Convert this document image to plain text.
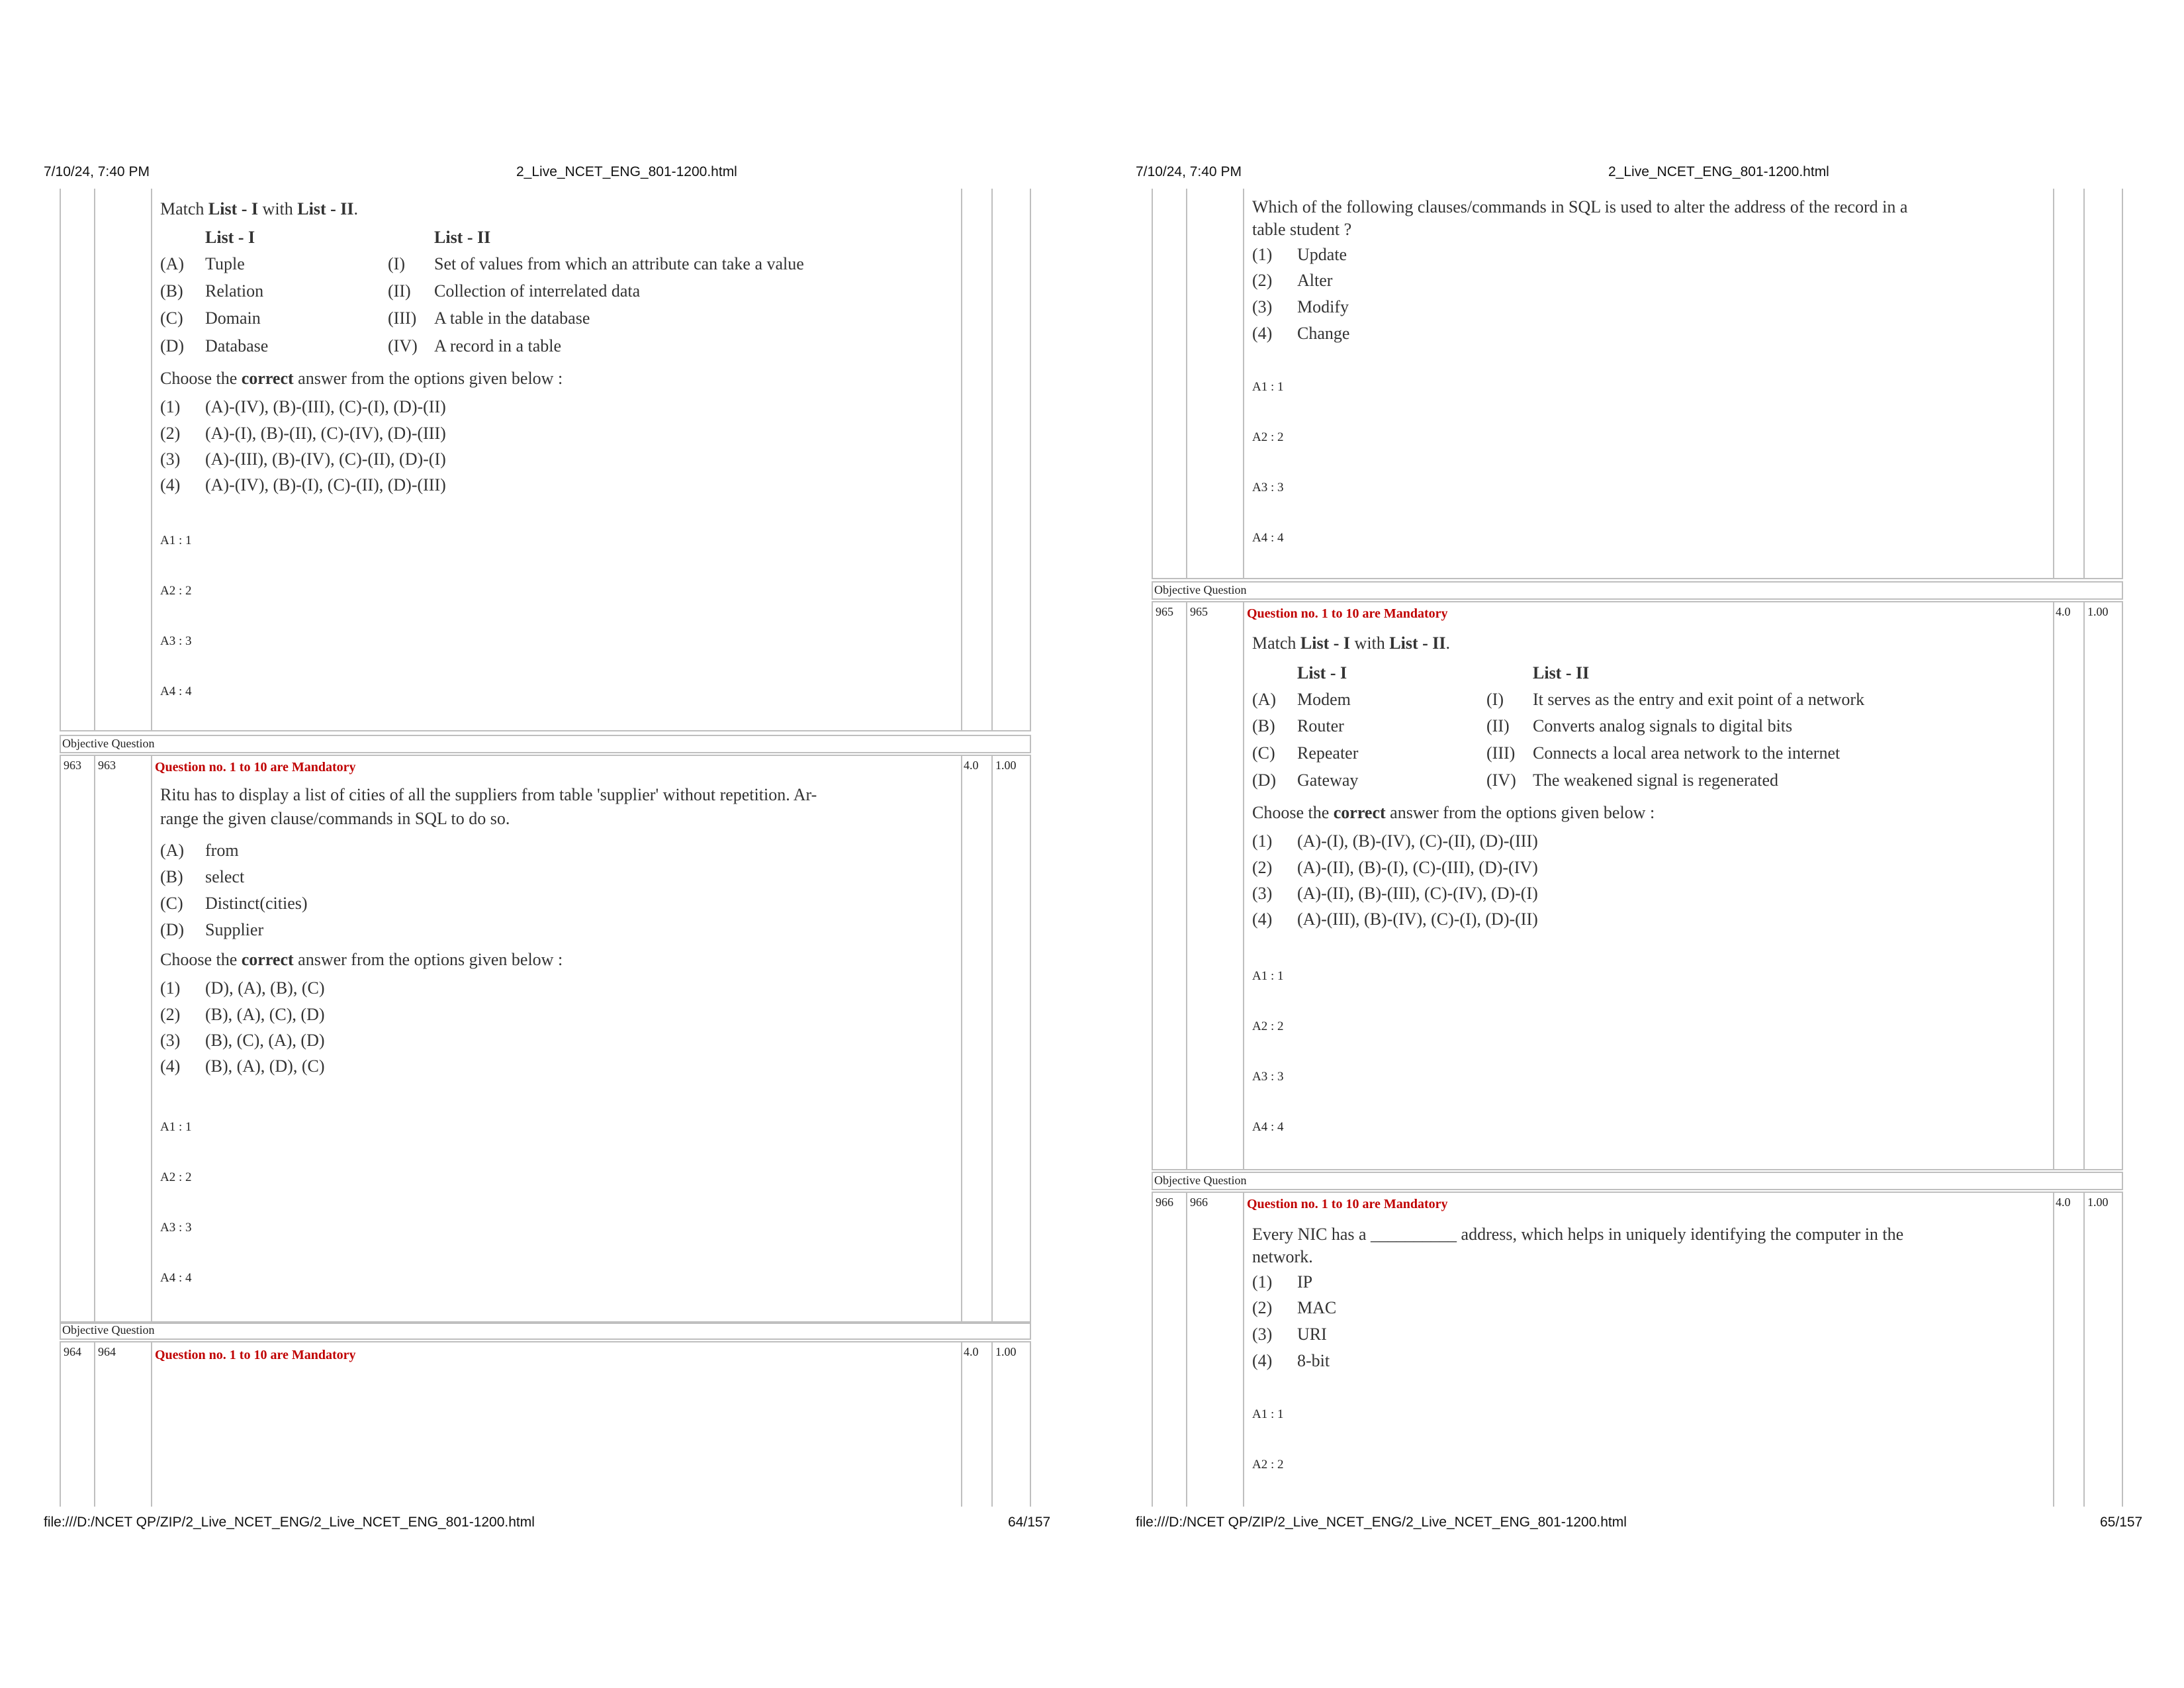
7/10/24, 7:40 PM	2_Live_NCET_ENG_801-1200.html
Match List - I with List - II.
List - I	List - II
(A) Tuple	(I) Set of values from which an attribute can take a value
(B) Relation	(II) Collection of interrelated data
(C) Domain	(III) A table in the database
(D) Database	(IV) A record in a table
Choose the correct answer from the options given below :
(1) (A)-(IV), (B)-(III), (C)-(I), (D)-(II)
(2) (A)-(I), (B)-(II), (C)-(IV), (D)-(III)
(3) (A)-(III), (B)-(IV), (C)-(II), (D)-(I)
(4) (A)-(IV), (B)-(I), (C)-(II), (D)-(III)
A1 : 1
A2 : 2
A3 : 3
A4 : 4
Objective Question
963 963	Question no. 1 to 10 are Mandatory	4.0 1.00
Ritu has to display a list of cities of all the suppliers from table 'supplier' without repetition. Ar-
range the given clause/commands in SQL to do so.
(A) from
(B) select
(C) Distinct(cities)
(D) Supplier
Choose the correct answer from the options given below :
(1) (D), (A), (B), (C)
(2) (B), (A), (C), (D)
(3) (B), (C), (A), (D)
(4) (B), (A), (D), (C)
A1 : 1
A2 : 2
A3 : 3
A4 : 4
Objective Question
964 964	Question no. 1 to 10 are Mandatory	4.0 1.00
file:///D:/NCET QP/ZIP/2_Live_NCET_ENG/2_Live_NCET_ENG_801-1200.html	64/157
7/10/24, 7:40 PM	2_Live_NCET_ENG_801-1200.html
Which of the following clauses/commands in SQL is used to alter the address of the record in a
table student ?
(1) Update
(2) Alter
(3) Modify
(4) Change
A1 : 1
A2 : 2
A3 : 3
A4 : 4
Objective Question
965 965	Question no. 1 to 10 are Mandatory	4.0 1.00
Match List - I with List - II.
List - I	List - II
(A) Modem	(I) It serves as the entry and exit point of a network
(B) Router	(II) Converts analog signals to digital bits
(C) Repeater	(III) Connects a local area network to the internet
(D) Gateway	(IV) The weakened signal is regenerated
Choose the correct answer from the options given below :
(1) (A)-(I), (B)-(IV), (C)-(II), (D)-(III)
(2) (A)-(II), (B)-(I), (C)-(III), (D)-(IV)
(3) (A)-(II), (B)-(III), (C)-(IV), (D)-(I)
(4) (A)-(III), (B)-(IV), (C)-(I), (D)-(II)
A1 : 1
A2 : 2
A3 : 3
A4 : 4
Objective Question
966 966	Question no. 1 to 10 are Mandatory	4.0 1.00
Every NIC has a __________ address, which helps in uniquely identifying the computer in the
network.
(1) IP
(2) MAC
(3) URI
(4) 8-bit
A1 : 1
A2 : 2
file:///D:/NCET QP/ZIP/2_Live_NCET_ENG/2_Live_NCET_ENG_801-1200.html	65/157
